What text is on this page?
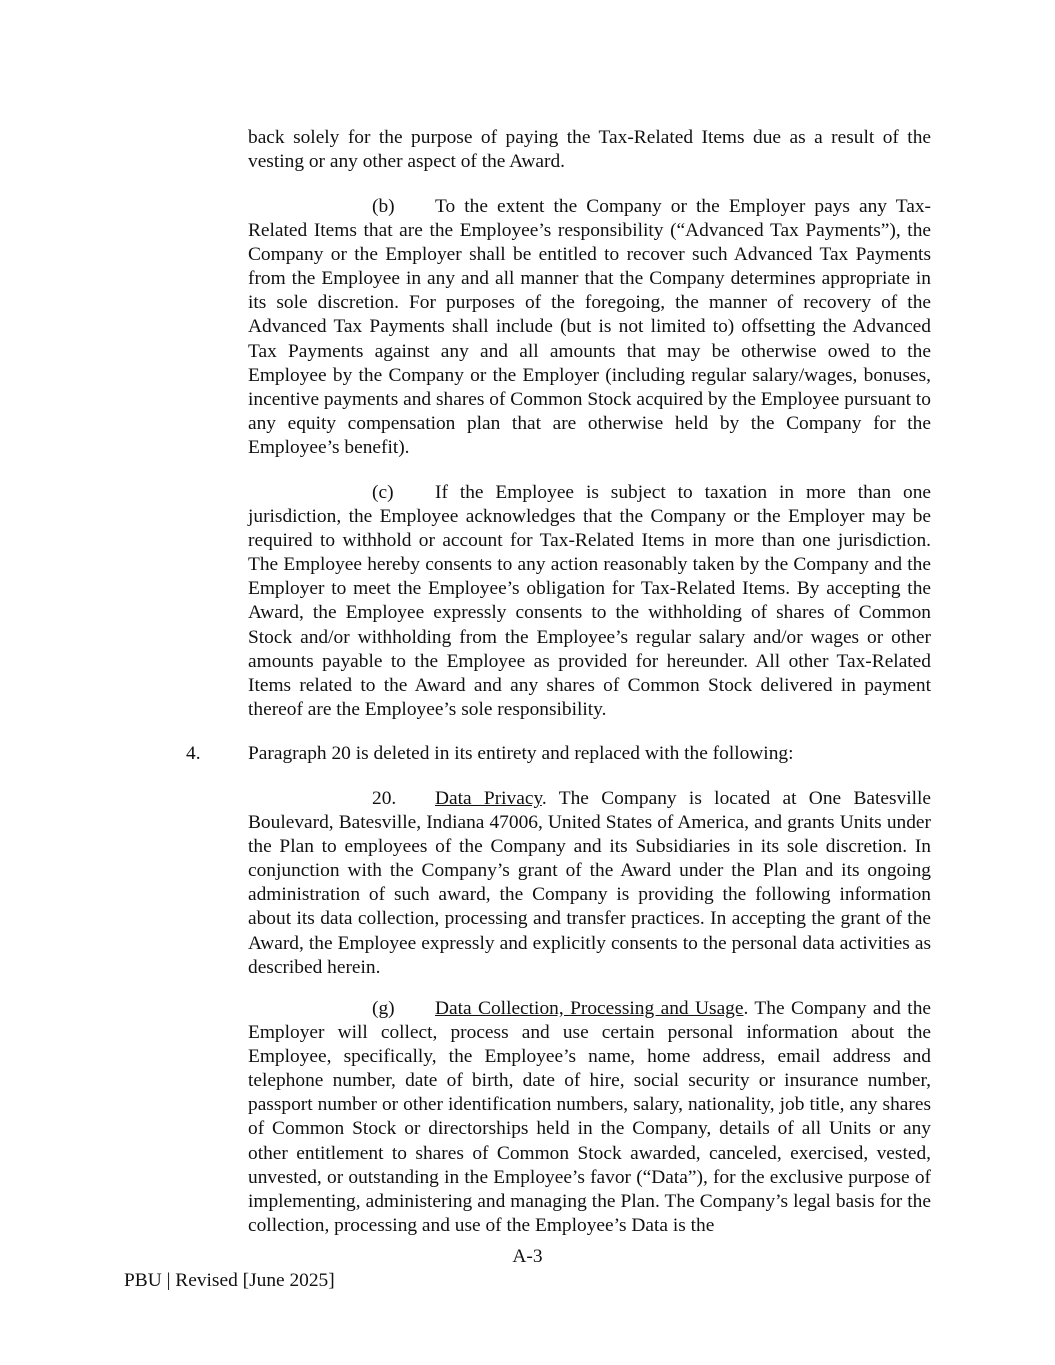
back solely for the purpose of paying the Tax-Related Items due as a result of the vesting or any other aspect of the Award.

(b) To the extent the Company or the Employer pays any Tax-Related Items that are the Employee’s responsibility (“Advanced Tax Payments”), the Company or the Employer shall be entitled to recover such Advanced Tax Payments from the Employee in any and all manner that the Company determines appropriate in its sole discretion. For purposes of the foregoing, the manner of recovery of the Advanced Tax Payments shall include (but is not limited to) offsetting the Advanced Tax Payments against any and all amounts that may be otherwise owed to the Employee by the Company or the Employer (including regular salary/wages, bonuses, incentive payments and shares of Common Stock acquired by the Employee pursuant to any equity compensation plan that are otherwise held by the Company for the Employee’s benefit).

(c) If the Employee is subject to taxation in more than one jurisdiction, the Employee acknowledges that the Company or the Employer may be required to withhold or account for Tax-Related Items in more than one jurisdiction. The Employee hereby consents to any action reasonably taken by the Company and the Employer to meet the Employee’s obligation for Tax-Related Items. By accepting the Award, the Employee expressly consents to the withholding of shares of Common Stock and/or withholding from the Employee’s regular salary and/or wages or other amounts payable to the Employee as provided for hereunder. All other Tax-Related Items related to the Award and any shares of Common Stock delivered in payment thereof are the Employee’s sole responsibility.

4. Paragraph 20 is deleted in its entirety and replaced with the following:

20. Data Privacy. The Company is located at One Batesville Boulevard, Batesville, Indiana 47006, United States of America, and grants Units under the Plan to employees of the Company and its Subsidiaries in its sole discretion. In conjunction with the Company’s grant of the Award under the Plan and its ongoing administration of such award, the Company is providing the following information about its data collection, processing and transfer practices. In accepting the grant of the Award, the Employee expressly and explicitly consents to the personal data activities as described herein.

(g) Data Collection, Processing and Usage. The Company and the Employer will collect, process and use certain personal information about the Employee, specifically, the Employee’s name, home address, email address and telephone number, date of birth, date of hire, social security or insurance number, passport number or other identification numbers, salary, nationality, job title, any shares of Common Stock or directorships held in the Company, details of all Units or any other entitlement to shares of Common Stock awarded, canceled, exercised, vested, unvested, or outstanding in the Employee’s favor (“Data”), for the exclusive purpose of implementing, administering and managing the Plan. The Company’s legal basis for the collection, processing and use of the Employee’s Data is the

A-3
PBU | Revised [June 2025]
